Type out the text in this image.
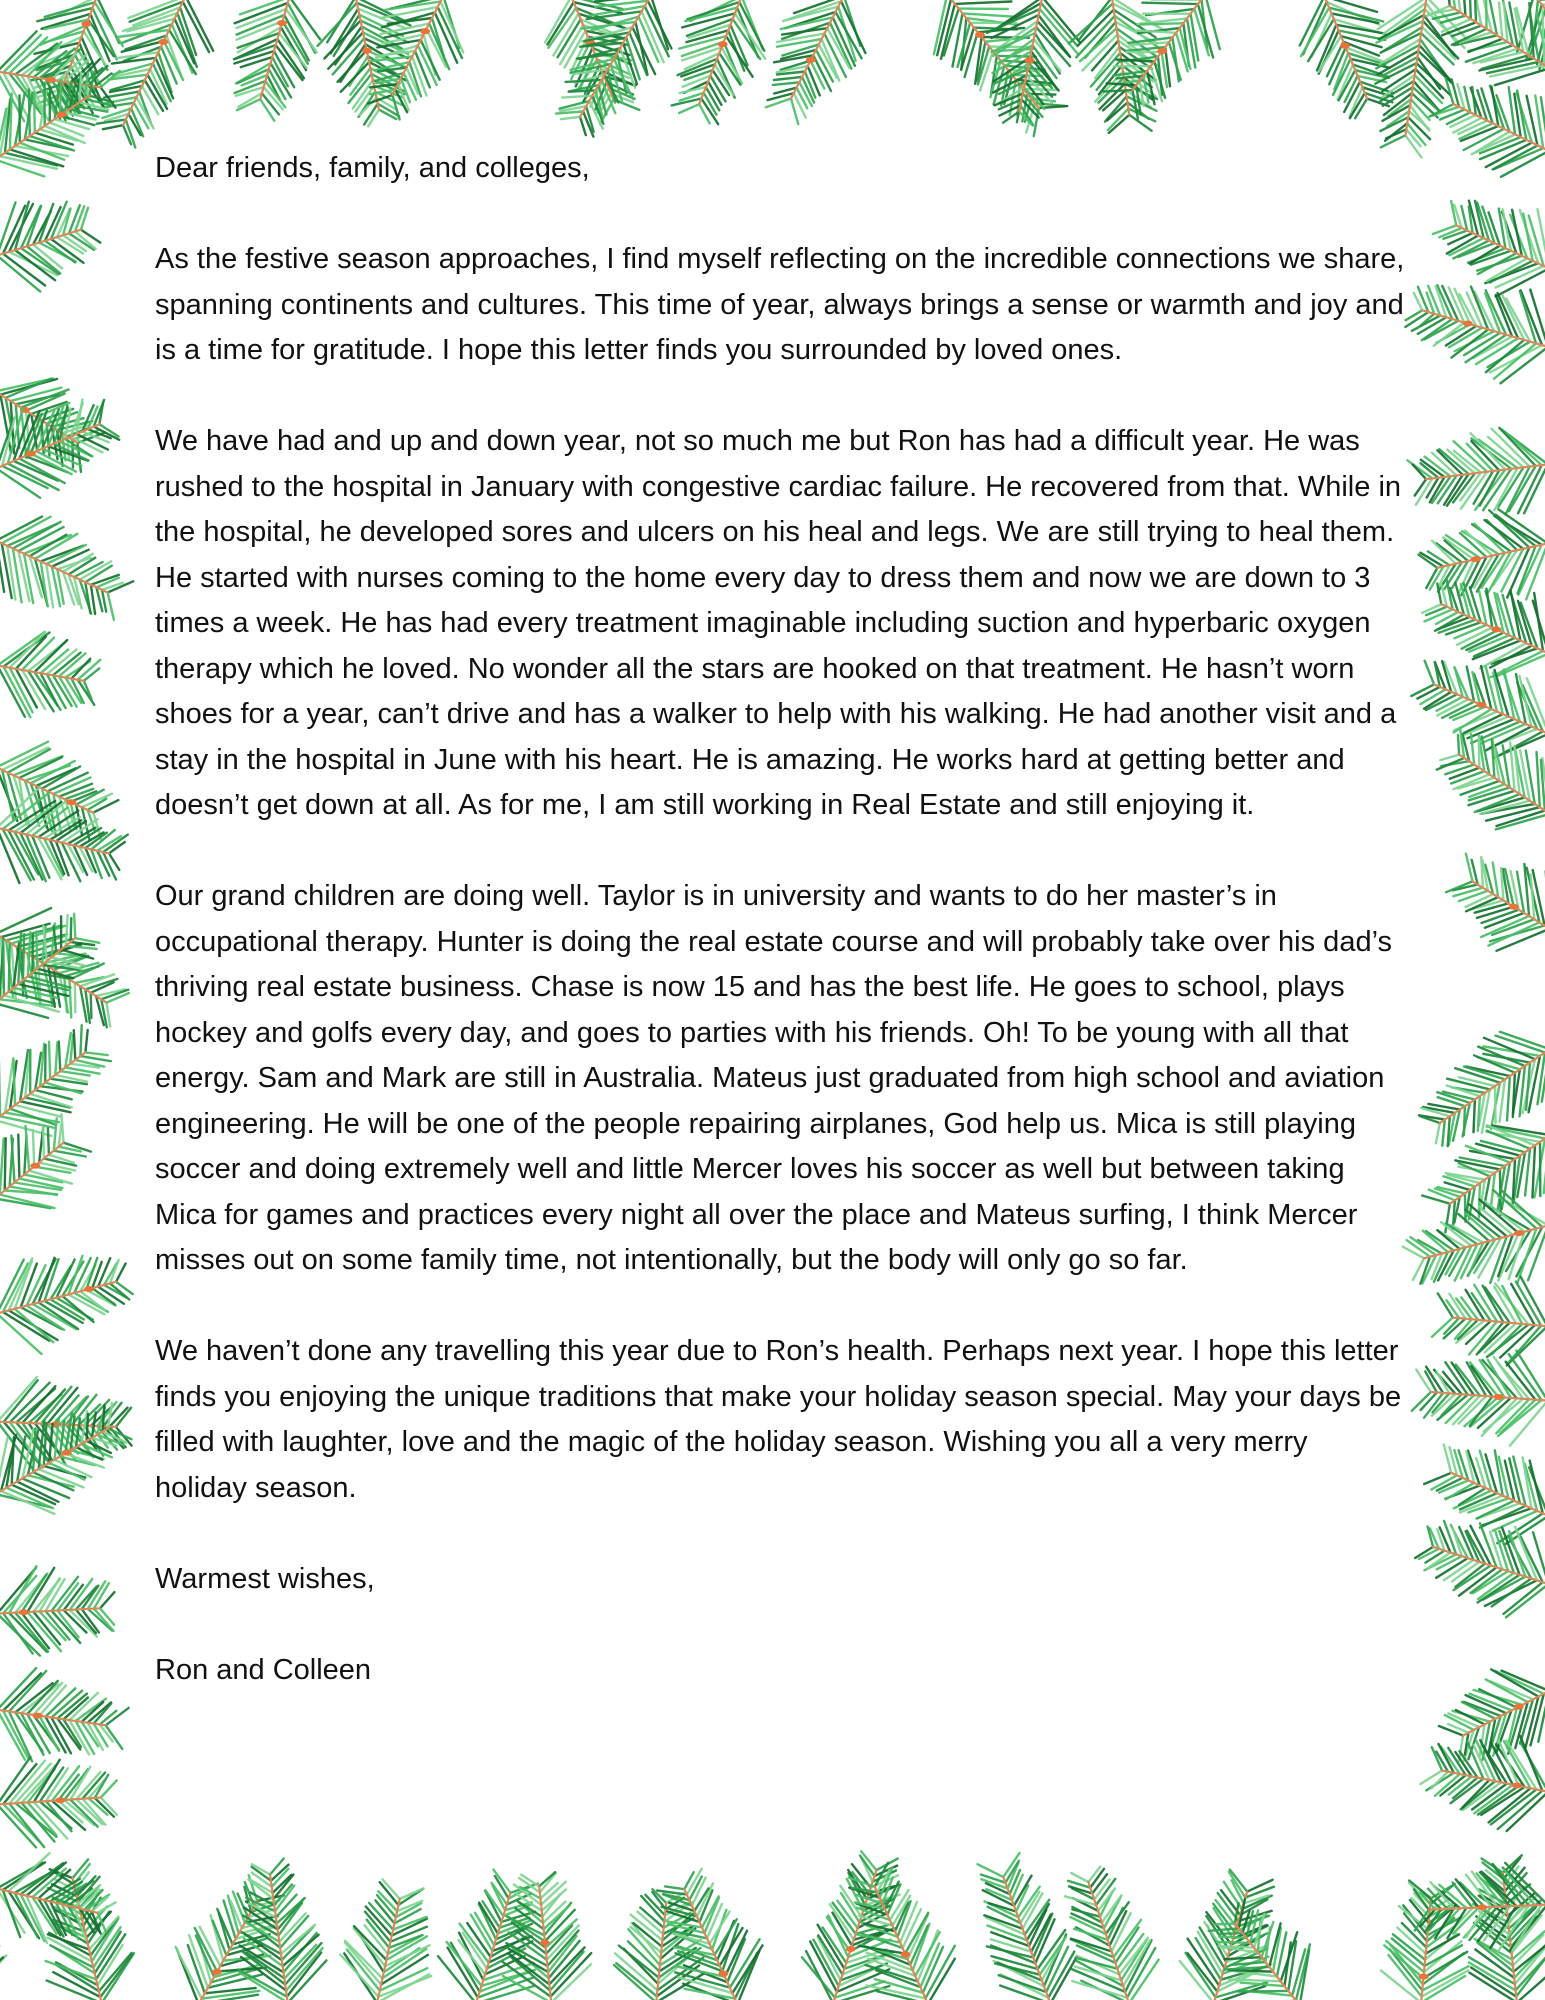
Dear friends, family, and colleges,

As the festive season approaches, I find myself reflecting on the incredible connections we share, spanning continents and cultures. This time of year, always brings a sense or warmth and joy and is a time for gratitude. I hope this letter finds you surrounded by loved ones.

We have had and up and down year, not so much me but Ron has had a difficult year. He was rushed to the hospital in January with congestive cardiac failure. He recovered from that. While in the hospital, he developed sores and ulcers on his heal and legs. We are still trying to heal them. He started with nurses coming to the home every day to dress them and now we are down to 3 times a week. He has had every treatment imaginable including suction and hyperbaric oxygen therapy which he loved. No wonder all the stars are hooked on that treatment. He hasn’t worn shoes for a year, can’t drive and has a walker to help with his walking. He had another visit and a stay in the hospital in June with his heart. He is amazing. He works hard at getting better and doesn’t get down at all. As for me, I am still working in Real Estate and still enjoying it.

Our grand children are doing well. Taylor is in university and wants to do her master’s in occupational therapy. Hunter is doing the real estate course and will probably take over his dad’s thriving real estate business. Chase is now 15 and has the best life. He goes to school, plays hockey and golfs every day, and goes to parties with his friends. Oh! To be young with all that energy. Sam and Mark are still in Australia. Mateus just graduated from high school and aviation engineering. He will be one of the people repairing airplanes, God help us. Mica is still playing soccer and doing extremely well and little Mercer loves his soccer as well but between taking Mica for games and practices every night all over the place and Mateus surfing, I think Mercer misses out on some family time, not intentionally, but the body will only go so far.

We haven’t done any travelling this year due to Ron’s health. Perhaps next year. I hope this letter finds you enjoying the unique traditions that make your holiday season special. May your days be filled with laughter, love and the magic of the holiday season. Wishing you all a very merry holiday season.

Warmest wishes,

Ron and Colleen
